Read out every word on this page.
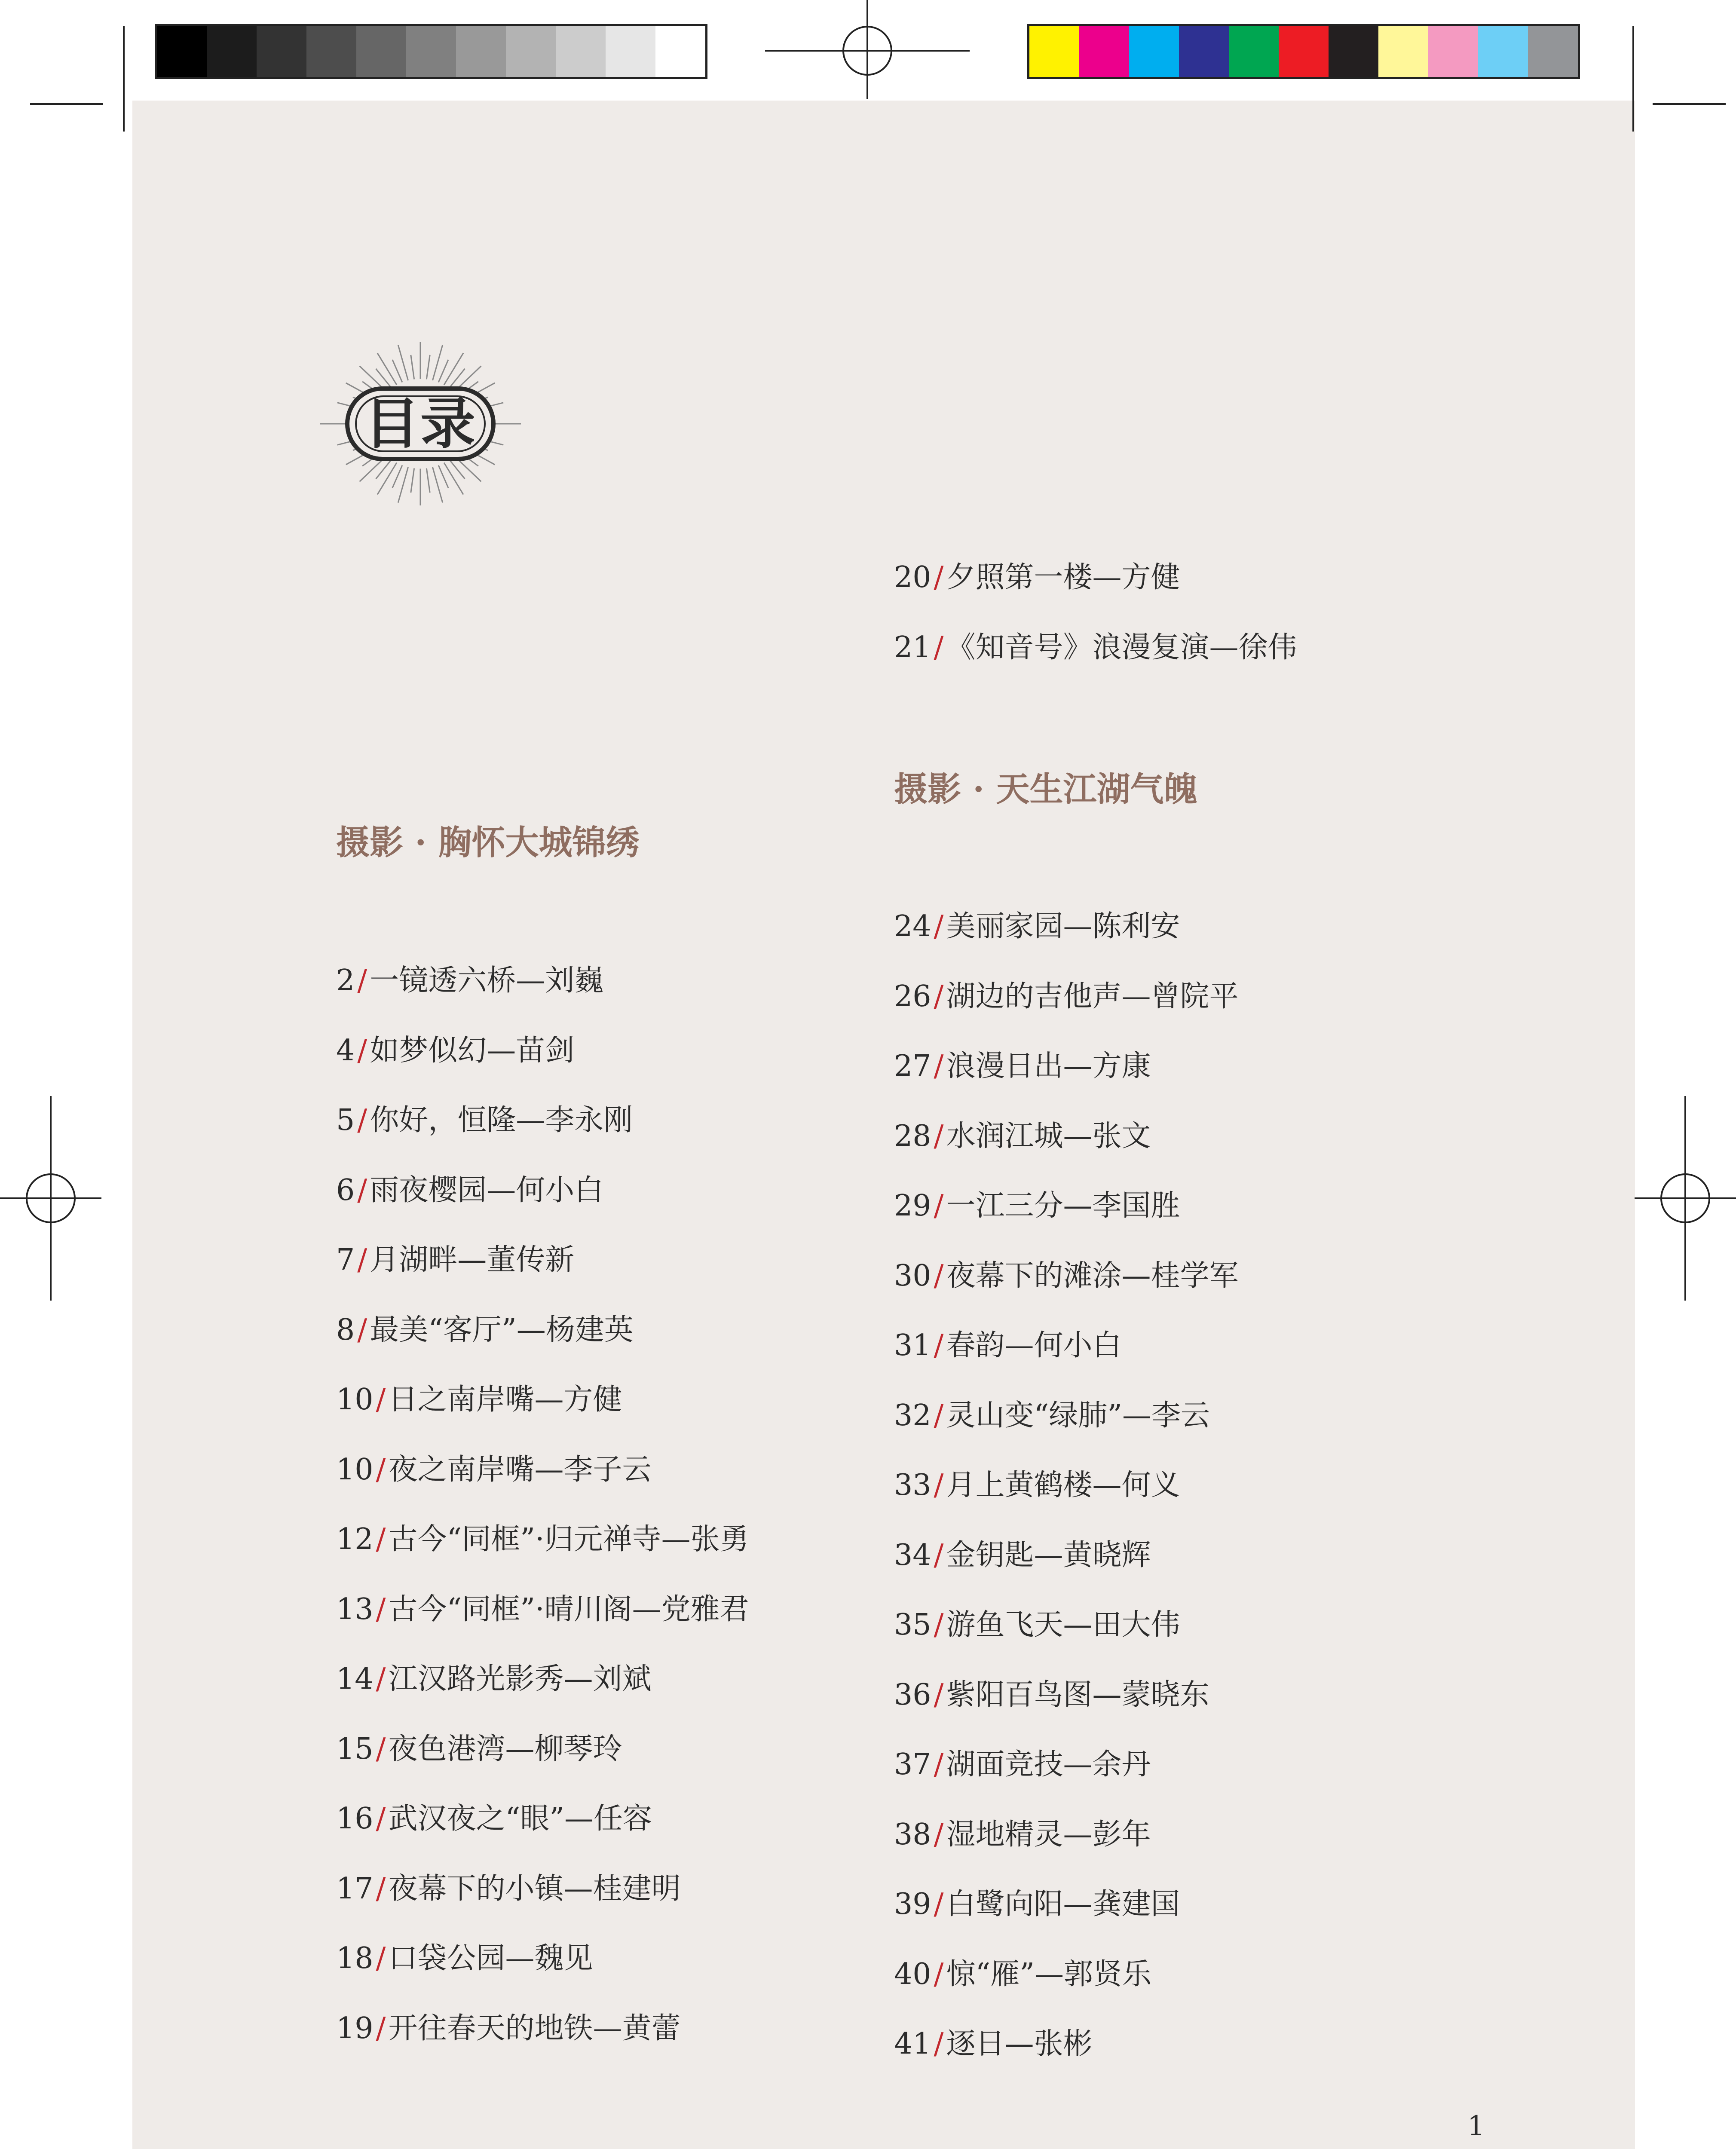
目录
摄影 · 胸怀大城锦绣
摄影 · 天生江湖气魄
2/一镜透六桥—刘巍
4/如梦似幻—苗剑
5/你好，恒隆—李永刚
6/雨夜樱园—何小白
7/月湖畔—董传新
8/最美“客厅”—杨建英
10/日之南岸嘴—方健
10/夜之南岸嘴—李子云
12/古今“同框”·归元禅寺—张勇
13/古今“同框”·晴川阁—党雅君
14/江汉路光影秀—刘斌
15/夜色港湾—柳琴玲
16/武汉夜之“眼”—任容
17/夜幕下的小镇—桂建明
18/口袋公园—魏见
19/开往春天的地铁—黄蕾
20/夕照第一楼—方健
21/《知音号》浪漫复演—徐伟
24/美丽家园—陈利安
26/湖边的吉他声—曾院平
27/浪漫日出—方康
28/水润江城—张文
29/一江三分—李国胜
30/夜幕下的滩涂—桂学军
31/春韵—何小白
32/灵山变“绿肺”—李云
33/月上黄鹤楼—何义
34/金钥匙—黄晓辉
35/游鱼飞天—田大伟
36/紫阳百鸟图—蒙晓东
37/湖面竞技—余丹
38/湿地精灵—彭年
39/白鹭向阳—龚建国
40/惊“雁”—郭贤乐
41/逐日—张彬
1
